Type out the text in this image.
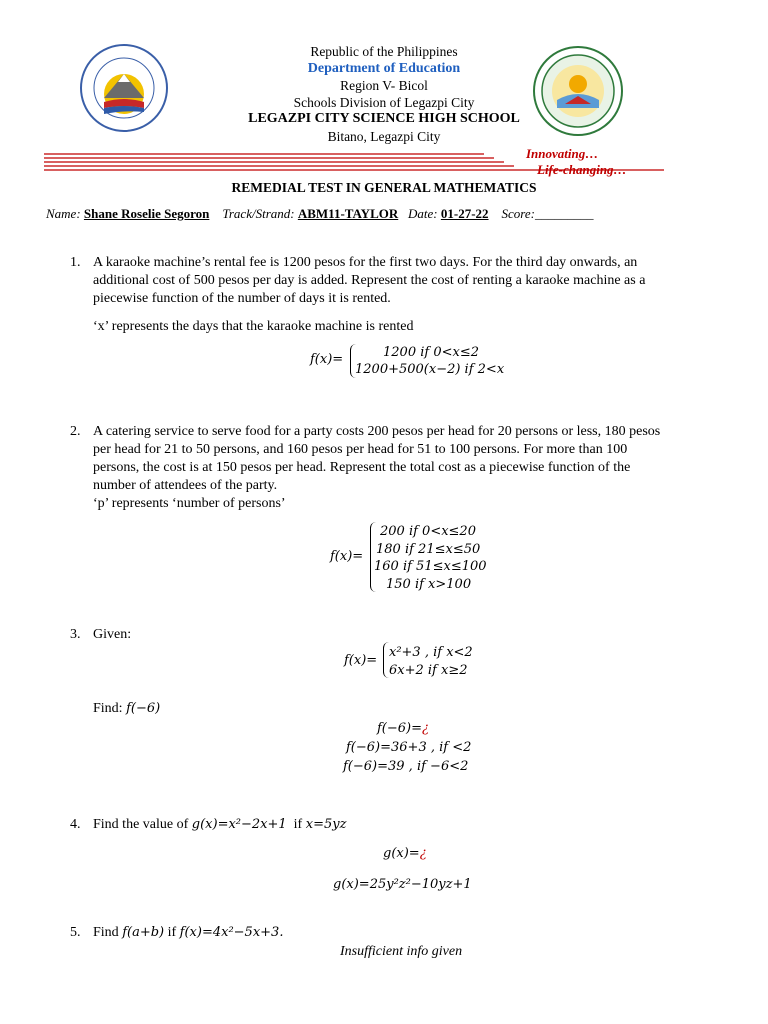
Republic of the Philippines
Department of Education
Region V- Bicol
Schools Division of Legazpi City
LEGAZPI CITY SCIENCE HIGH SCHOOL
Bitano, Legazpi City
Innovating…
Life-changing…
REMEDIAL TEST IN GENERAL MATHEMATICS
Name: Shane Roselie Segoron Track/Strand: ABM11-TAYLOR Date: 01-27-22 Score:_________
1. A karaoke machine’s rental fee is 1200 pesos for the first two days. For the third day onwards, an
additional cost of 500 pesos per day is added. Represent the cost of renting a karaoke machine as a
piecewise function of the number of days it is rented.
‘x’ represents the days that the karaoke machine is rented
f(x)=	1200 if 0<x≤2
1200+500(x−2) if 2<x
2. A catering service to serve food for a party costs 200 pesos per head for 20 persons or less, 180 pesos
per head for 21 to 50 persons, and 160 pesos per head for 51 to 100 persons. For more than 100
persons, the cost is at 150 pesos per head. Represent the total cost as a piecewise function of the
number of attendees of the party.
‘p’ represents ‘number of persons’
f(x)=
200 if 0<x≤20
180 if 21≤x≤50
160 if 51≤x≤100
150 if x>100
3. Given:
f(x)=
x²+3 , if x<2
6x+2 if x≥2
Find: f(−6)
f(−6)=¿
f(−6)=36+3 , if <2
f(−6)=39 , if −6<2
4. Find the value of g(x)=x²−2x+1 if x=5yz
g(x)=¿
g(x)=25y²z²−10yz+1
5. Find f(a+b) if f(x)=4x²−5x+3.
Insufficient info given
